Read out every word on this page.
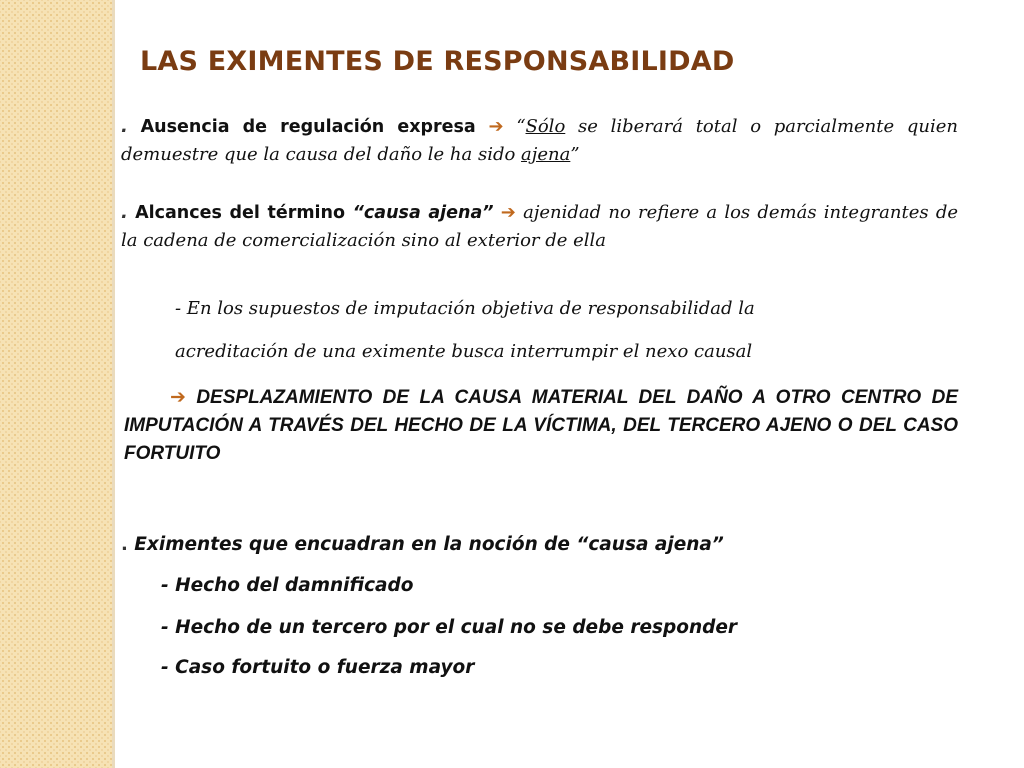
LAS EXIMENTES DE RESPONSABILIDAD

. Ausencia de regulación expresa ➔ “Sólo se liberará total o parcialmente quien demuestre que la causa del daño le ha sido ajena”

. Alcances del término “causa ajena” ➔ ajenidad no refiere a los demás integrantes de la cadena de comercialización sino al exterior de ella

- En los supuestos de imputación objetiva de responsabilidad la

acreditación de una eximente busca interrumpir el nexo causal

➔ DESPLAZAMIENTO DE LA CAUSA MATERIAL DEL DAÑO A OTRO CENTRO DE IMPUTACIÓN A TRAVÉS DEL HECHO DE LA VÍCTIMA, DEL TERCERO AJENO O DEL CASO FORTUITO

. Eximentes que encuadran en la noción de “causa ajena”

- Hecho del damnificado

- Hecho de un tercero por el cual no se debe responder

- Caso fortuito o fuerza mayor
